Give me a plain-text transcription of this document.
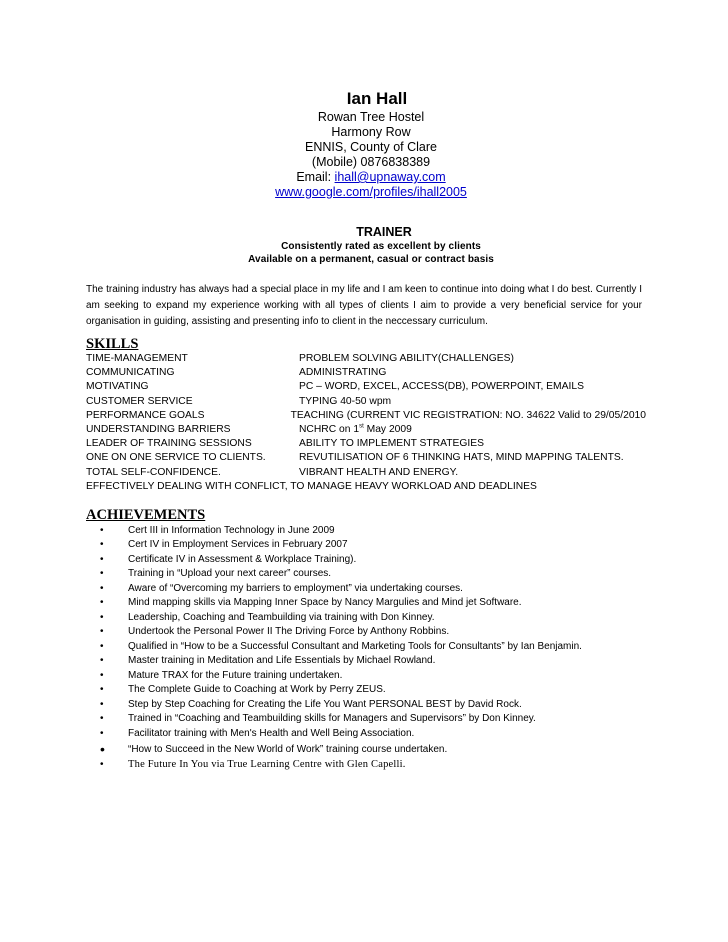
Ian Hall
Rowan Tree Hostel
Harmony Row
ENNIS, County of Clare
(Mobile) 0876838389
Email: ihall@upnaway.com
www.google.com/profiles/ihall2005
TRAINER
Consistently rated as excellent by clients
Available on a permanent, casual or contract basis
The training industry has always had a special place in my life and I am keen to continue into doing what I do best. Currently I am seeking to expand my experience working with all types of clients I aim to provide a very beneficial service for your organisation in guiding, assisting and presenting info to client in the neccessary curriculum.
SKILLS
TIME-MANAGEMENT	PROBLEM SOLVING ABILITY(CHALLENGES)
COMMUNICATING	ADMINISTRATING
MOTIVATING	PC – WORD, EXCEL, ACCESS(DB), POWERPOINT, EMAILS
CUSTOMER SERVICE	TYPING 40-50 wpm
PERFORMANCE GOALS	TEACHING (CURRENT VIC REGISTRATION: NO. 34622 Valid to 29/05/2010
UNDERSTANDING BARRIERS	NCHRC on 1st May 2009
LEADER OF TRAINING SESSIONS	ABILITY TO IMPLEMENT STRATEGIES
ONE ON ONE SERVICE TO CLIENTS.	REVUTILISATION OF 6 THINKING HATS, MIND MAPPING TALENTS.
TOTAL SELF-CONFIDENCE.	VIBRANT HEALTH AND ENERGY.
EFFECTIVELY DEALING WITH CONFLICT, TO MANAGE HEAVY WORKLOAD AND DEADLINES
ACHIEVEMENTS
•	Cert III in Information Technology in June 2009
•	Cert IV in Employment Services in February 2007
•	Certificate IV in Assessment & Workplace Training).
•	Training in “Upload your next career” courses.
•	Aware of “Overcoming my barriers to employment” via undertaking courses.
•	Mind mapping skills via Mapping Inner Space by Nancy Margulies and Mind jet Software.
•	Leadership, Coaching and Teambuilding via training with Don Kinney.
•	Undertook the Personal Power II The Driving Force by Anthony Robbins.
•	Qualified in “How to be a Successful Consultant and Marketing Tools for Consultants” by Ian Benjamin.
•	Master training in Meditation and Life Essentials by Michael Rowland.
•	Mature TRAX for the Future training undertaken.
•	The Complete Guide to Coaching at Work by Perry ZEUS.
•	Step by Step Coaching for Creating the Life You Want PERSONAL BEST by David Rock.
•	Trained in “Coaching and Teambuilding skills for Managers and Supervisors” by Don Kinney.
•	Facilitator training with Men's Health and Well Being Association.
•	“How to Succeed in the New World of Work” training course undertaken.
•	The Future In You via True Learning Centre with Glen Capelli.
